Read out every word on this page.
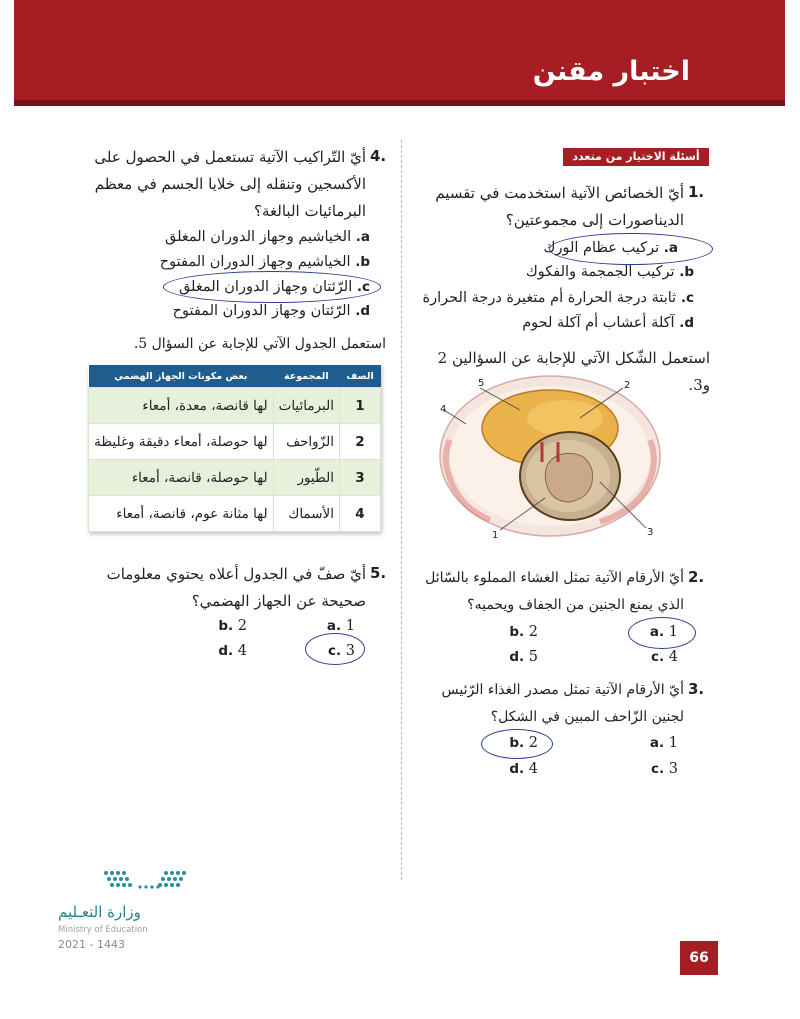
اختبار مقنن
أسئلة الاختيار من متعدد
1.
أيّ الخصائص الآتية استخدمت في تقسيم الديناصورات إلى مجموعتين؟
a. تركيب عظام الورك
b. تركيب الجمجمة والفكوك
c. ثابتة درجة الحرارة أم متغيرة درجة الحرارة
d. آكلة أعشاب أم آكلة لحوم
استعمل الشّكل الآتي للإجابة عن السؤالين 2 و3.
5	2
4
1	3
2.
أيّ الأرقام الآتية تمثل الغشاء المملوء بالسّائل الذي يمنع الجنين من الجفاف ويحميه؟
a. 1
b. 2
c. 4
d. 5
3.
أيّ الأرقام الآتية تمثل مصدر الغذاء الرّئيس لجنين الزّاحف المبين في الشكل؟
a. 1
b. 2
c. 3
d. 4
4.
أيّ التّراكيب الآتية تستعمل في الحصول على الأكسجين وتنقله إلى خلايا الجسم في معظم البرمائيات البالغة؟
a. الخياشيم وجهاز الدوران المغلق
b. الخياشيم وجهاز الدوران المفتوح
c. الرّئتان وجهاز الدوران المغلق
d. الرّئتان وجهاز الدوران المفتوح
استعمل الجدول الآتي للإجابة عن السؤال 5.
الصف	المجموعة	بعض مكونات الجهاز الهضمي
1	البرمائيات	لها قانصة، معدة، أمعاء
2	الزّواحف	لها حوصلة، أمعاء دقيقة وغليظة
3	الطّيور	لها حوصلة، قانصة، أمعاء
4	الأسماك	لها مثانة عوم، قانصة، أمعاء
5.
أيّ صفّ في الجدول أعلاه يحتوي معلومات صحيحة عن الجهاز الهضمي؟
a. 1
b. 2
c. 3
d. 4
وزارة التعـليم
Ministry of Education
2021 - 1443
66
